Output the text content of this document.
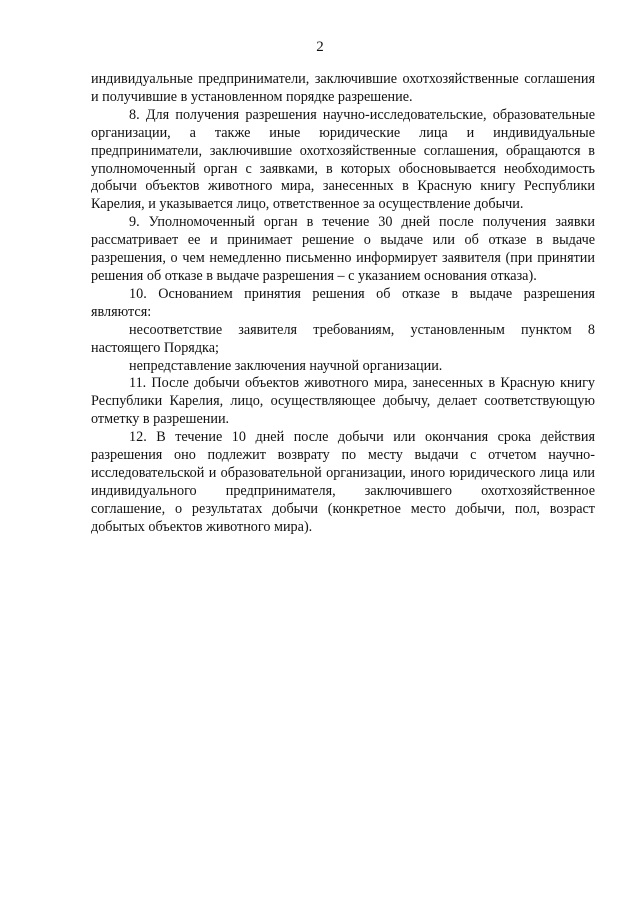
2

индивидуальные предприниматели, заключившие охотхозяйственные соглашения и получившие в установленном порядке разрешение.

8. Для получения разрешения научно-исследовательские, образовательные организации, а также иные юридические лица и индивидуальные предприниматели, заключившие охотхозяйственные соглашения, обращаются в уполномоченный орган с заявками, в которых обосновывается необходимость добычи объектов животного мира, занесенных в Красную книгу Республики Карелия, и указывается лицо, ответственное за осуществление добычи.

9. Уполномоченный орган в течение 30 дней после получения заявки рассматривает ее и принимает решение о выдаче или об отказе в выдаче разрешения, о чем немедленно письменно информирует заявителя (при принятии решения об отказе в выдаче разрешения – с указанием основания отказа).

10. Основанием принятия решения об отказе в выдаче разрешения являются:

несоответствие заявителя требованиям, установленным пунктом 8 настоящего Порядка;

непредставление заключения научной организации.

11. После добычи объектов животного мира, занесенных в Красную книгу Республики Карелия, лицо, осуществляющее добычу, делает соответствующую отметку в разрешении.

12. В течение 10 дней после добычи или окончания срока действия разрешения оно подлежит возврату по месту выдачи с отчетом научно-исследовательской и образовательной организации, иного юридического лица или индивидуального предпринимателя, заключившего охотхозяйственное соглашение, о результатах добычи (конкретное место добычи, пол, возраст добытых объектов животного мира).
